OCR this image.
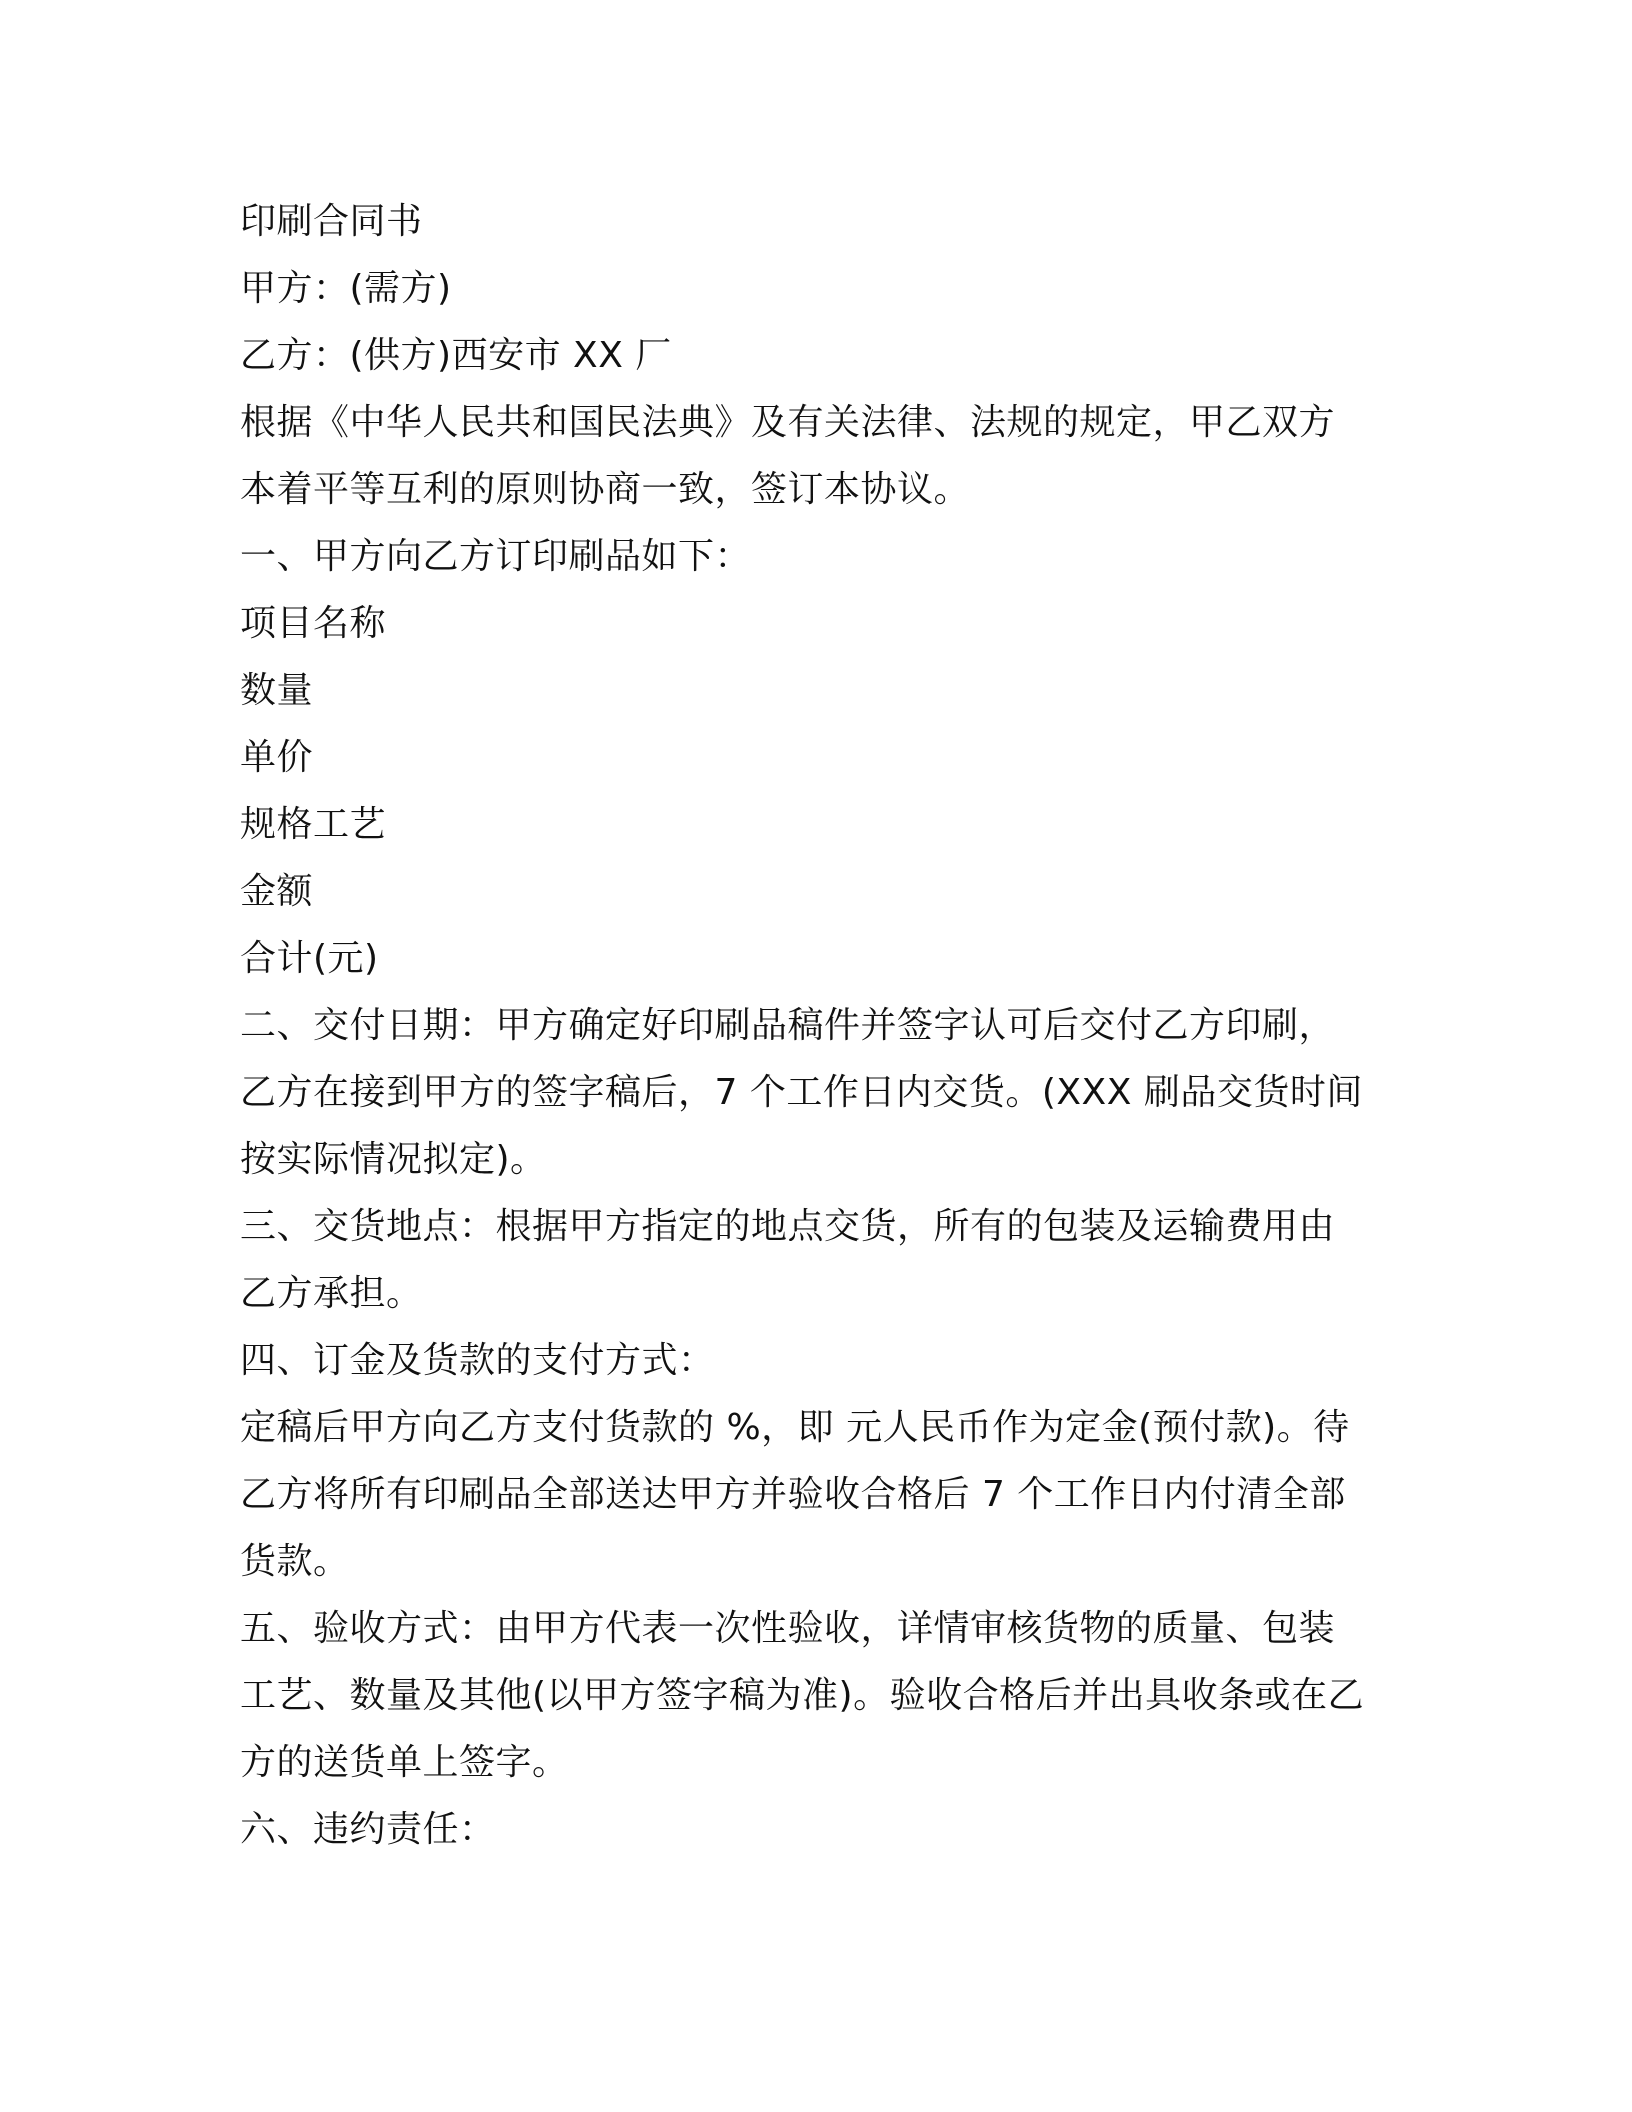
印刷合同书

甲方：(需方)

乙方：(供方)西安市 XX 厂

根据《中华人民共和国民法典》及有关法律、法规的规定，甲乙双方

本着平等互利的原则协商一致，签订本协议。

一、甲方向乙方订印刷品如下：

项目名称

数量

单价

规格工艺

金额

合计(元)

二、交付日期：甲方确定好印刷品稿件并签字认可后交付乙方印刷，

乙方在接到甲方的签字稿后，7 个工作日内交货。(XXX 刷品交货时间

按实际情况拟定)。

三、交货地点：根据甲方指定的地点交货，所有的包装及运输费用由

乙方承担。

四、订金及货款的支付方式：

定稿后甲方向乙方支付货款的 %，即 元人民币作为定金(预付款)。待

乙方将所有印刷品全部送达甲方并验收合格后 7 个工作日内付清全部

货款。

五、验收方式：由甲方代表一次性验收，详情审核货物的质量、包装

工艺、数量及其他(以甲方签字稿为准)。验收合格后并出具收条或在乙

方的送货单上签字。

六、违约责任：
